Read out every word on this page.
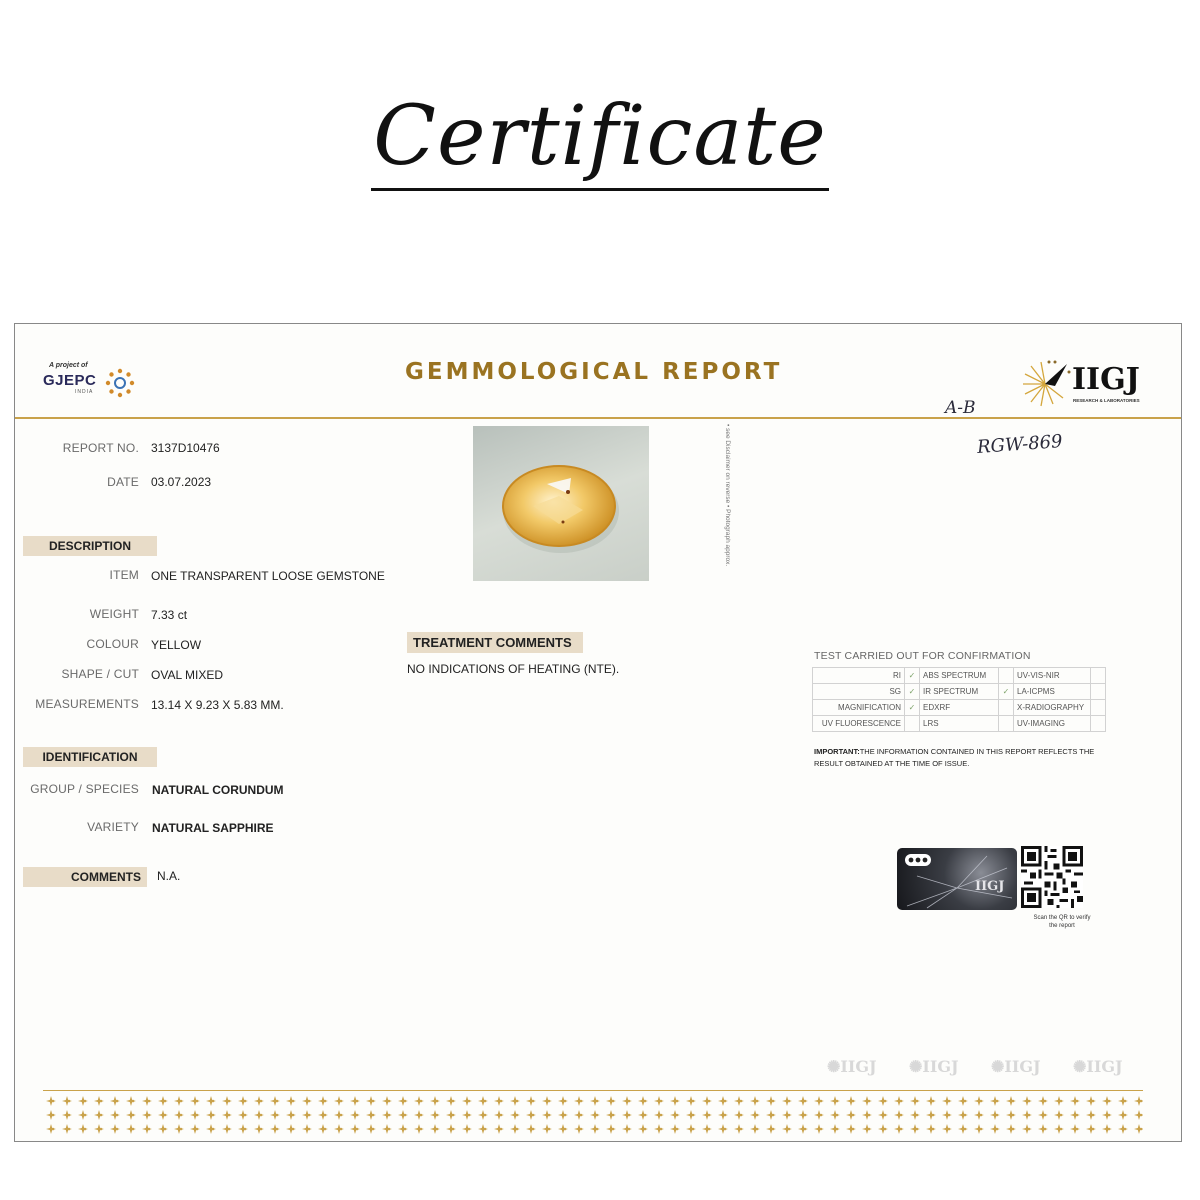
Certificate
A project of
GJEPC
INDIA
GEMMOLOGICAL REPORT	IIGJ
RESEARCH & LABORATORIES
A-B
RGW-869
REPORT NO. 3137D10476
DATE 03.07.2023
DESCRIPTION
ITEM ONE TRANSPARENT LOOSE GEMSTONE
WEIGHT 7.33 ct
COLOUR YELLOW
SHAPE / CUT OVAL MIXED
MEASUREMENTS 13.14 X 9.23 X 5.83 MM.
IDENTIFICATION
GROUP / SPECIES NATURAL CORUNDUM
VARIETY NATURAL SAPPHIRE
COMMENTS	N.A.
• see Disclaimer on reverse • Photograph approx.
TREATMENT COMMENTS
NO INDICATIONS OF HEATING (NTE).
TEST CARRIED OUT FOR CONFIRMATION
RI	✓	ABS SPECTRUM		UV-VIS-NIR	
SG	✓	IR SPECTRUM	✓	LA-ICPMS	
MAGNIFICATION	✓	EDXRF		X-RADIOGRAPHY	
UV FLUORESCENCE		LRS		UV-IMAGING	
IMPORTANT:THE INFORMATION CONTAINED IN THIS REPORT REFLECTS THE RESULT OBTAINED AT THE TIME OF ISSUE.
IIGJ
Scan the QR to verify the report
✺IIGJ ✺IIGJ ✺IIGJ ✺IIGJ
